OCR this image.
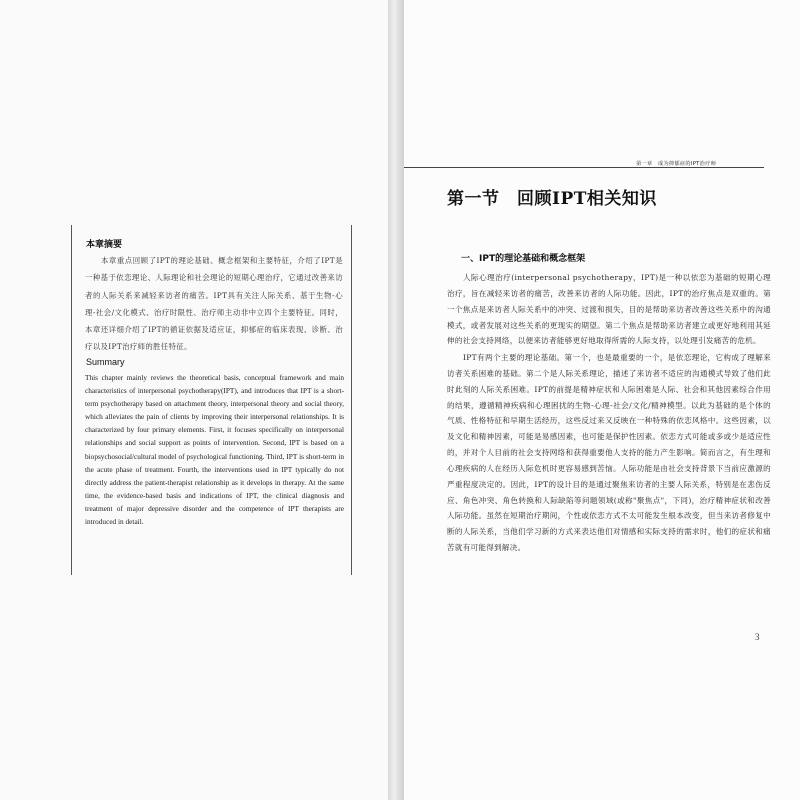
本章摘要

本章重点回顾了IPT的理论基础、概念框架和主要特征，介绍了IPT是一种基于依恋理论、人际理论和社会理论的短期心理治疗，它通过改善来访者的人际关系来减轻来访者的痛苦。IPT具有关注人际关系、基于生物-心理-社会/文化模式、治疗时限性、治疗师主动非中立四个主要特征。同时，本章还详细介绍了IPT的循证依据及适应证，抑郁症的临床表现、诊断、治疗以及IPT治疗师的胜任特征。

Summary

This chapter mainly reviews the theoretical basis, conceptual framework and main characteristics of interpersonal psychotherapy(IPT), and introduces that IPT is a short-term psychotherapy based on attachment theory, interpersonal theory and social theory, which alleviates the pain of clients by improving their interpersonal relationships. It is characterized by four primary elements. First, it focuses specifically on interpersonal relationships and social support as points of intervention. Second, IPT is based on a biopsychosocial/cultural model of psychological functioning. Third, IPT is short-term in the acute phase of treatment. Fourth, the interventions used in IPT typically do not directly address the patient-therapist relationship as it develops in therapy. At the same time, the evidence-based basis and indications of IPT, the clinical diagnosis and treatment of major depressive disorder and the competence of IPT therapists are introduced in detail.

第一章　成为抑郁症的IPT治疗师
第一节　回顾IPT相关知识
一、IPT的理论基础和概念框架

人际心理治疗(interpersonal psychotherapy，IPT)是一种以依恋为基础的短期心理治疗，旨在减轻来访者的痛苦，改善来访者的人际功能。因此，IPT的治疗焦点是双重的。第一个焦点是来访者人际关系中的冲突、过渡和损失，目的是帮助来访者改善这些关系中的沟通模式，或者发展对这些关系的更现实的期望。第二个焦点是帮助来访者建立或更好地利用其延伸的社会支持网络，以便来访者能够更好地取得所需的人际支持，以处理引发痛苦的危机。

IPT有两个主要的理论基础。第一个，也是最重要的一个，是依恋理论，它构成了理解来访者关系困难的基础。第二个是人际关系理论，描述了来访者不适应的沟通模式导致了他们此时此刻的人际关系困难。IPT的前提是精神症状和人际困难是人际、社会和其他因素综合作用的结果，遵循精神疾病和心理困扰的生物-心理-社会/文化/精神模型。以此为基础的是个体的气质、性格特征和早期生活经历，这些反过来又反映在一种特殊的依恋风格中。这些因素，以及文化和精神因素，可能是易感因素，也可能是保护性因素。依恋方式可能或多或少是适应性的，并对个人目前的社会支持网络和获得重要他人支持的能力产生影响。简而言之，有生理和心理疾病的人在经历人际危机时更容易感到苦恼。人际功能是由社会支持背景下当前应激源的严重程度决定的。因此，IPT的设计目的是通过聚焦来访者的主要人际关系，特别是在悲伤反应、角色冲突、角色转换和人际缺陷等问题领域(或称"聚焦点"，下同)，治疗精神症状和改善人际功能。虽然在短期治疗期间，个性或依恋方式不太可能发生根本改变，但当来访者修复中断的人际关系，当他们学习新的方式来表达他们对情感和实际支持的需求时，他们的症状和痛苦就有可能得到解决。

3
